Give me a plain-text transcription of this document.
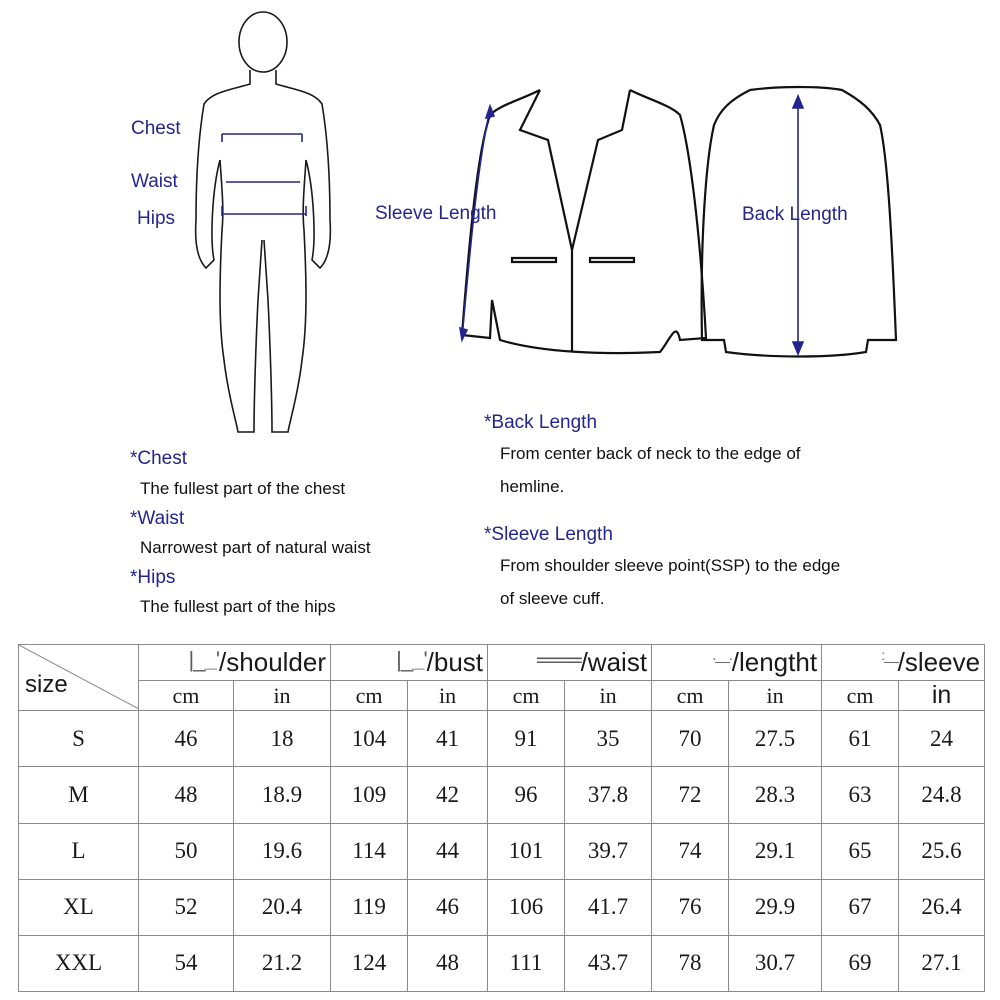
Chest
Waist
Hips	Sleeve Length	Back Length
*Chest
The fullest part of the chest
*Waist
Narrowest part of natural waist
*Hips
The fullest part of the hips
*Back Length
From center back of neck to the edge of
hemline.
*Sleeve Length
From shoulder sleeve point(SSP) to the edge
of sleeve cuff.
size	|___'/shoulder		|___'/bust		═══/waist		.__./lengtht		:__/sleeve	
	cm	in	cm	in	cm	in	cm	in	cm	in
S	46	18	104	41	91	35	70	27.5	61	24
M	48	18.9	109	42	96	37.8	72	28.3	63	24.8
L	50	19.6	114	44	101	39.7	74	29.1	65	25.6
XL	52	20.4	119	46	106	41.7	76	29.9	67	26.4
XXL	54	21.2	124	48	111	43.7	78	30.7	69	27.1
